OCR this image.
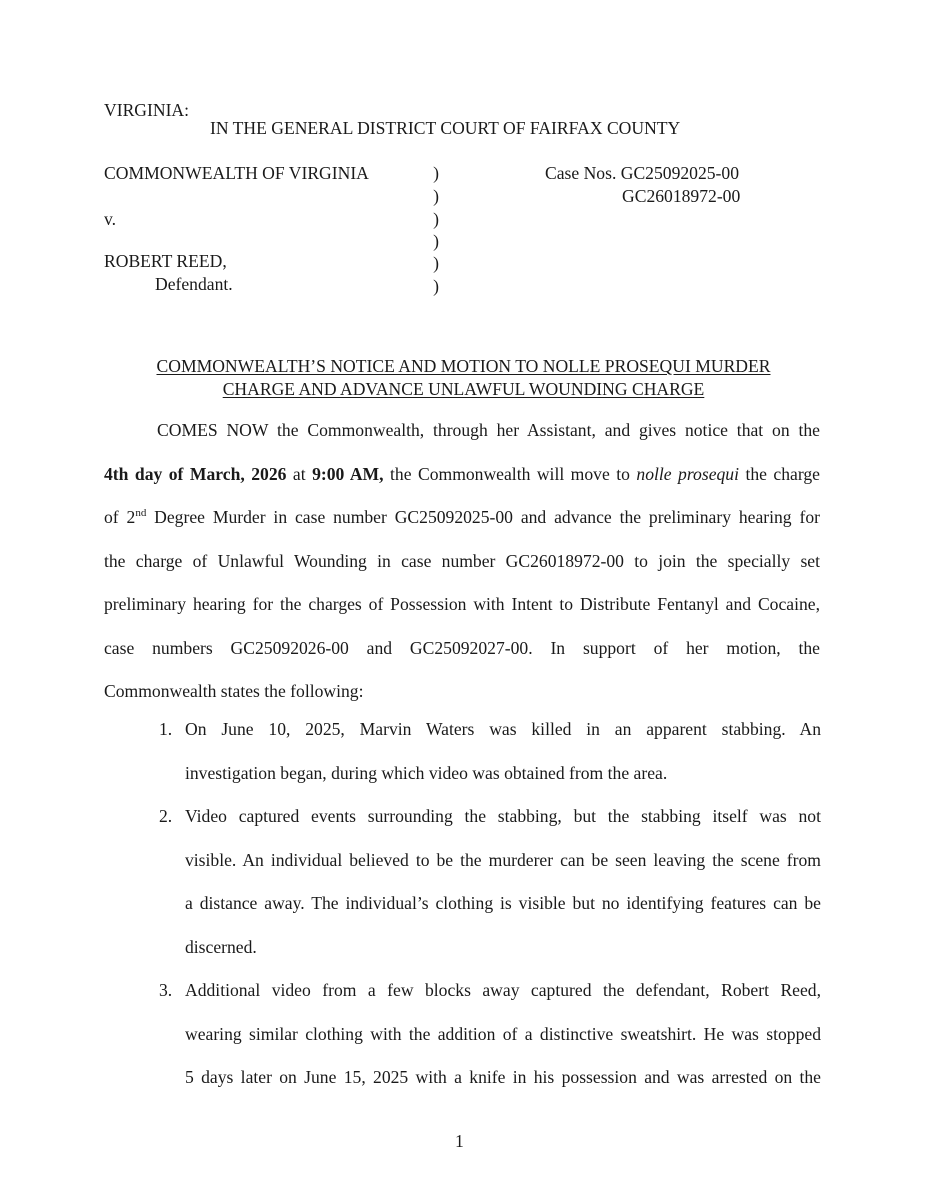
VIRGINIA:
IN THE GENERAL DISTRICT COURT OF FAIRFAX COUNTY
COMMONWEALTH OF VIRGINIA
v.
ROBERT REED,
Defendant.
)
)
)
)
)
)
Case Nos. GC25092025-00
GC26018972-00
COMMONWEALTH’S NOTICE AND MOTION TO NOLLE PROSEQUI MURDER
CHARGE AND ADVANCE UNLAWFUL WOUNDING CHARGE
COMES NOW the Commonwealth, through her Assistant, and gives notice that on the
4th day of March, 2026 at 9:00 AM, the Commonwealth will move to nolle prosequi the charge
of 2nd Degree Murder in case number GC25092025-00 and advance the preliminary hearing for
the charge of Unlawful Wounding in case number GC26018972-00 to join the specially set
preliminary hearing for the charges of Possession with Intent to Distribute Fentanyl and Cocaine,
case numbers GC25092026-00 and GC25092027-00. In support of her motion, the
Commonwealth states the following:
1. On June 10, 2025, Marvin Waters was killed in an apparent stabbing. An
investigation began, during which video was obtained from the area.
2. Video captured events surrounding the stabbing, but the stabbing itself was not
visible. An individual believed to be the murderer can be seen leaving the scene from
a distance away. The individual’s clothing is visible but no identifying features can be
discerned.
3. Additional video from a few blocks away captured the defendant, Robert Reed,
wearing similar clothing with the addition of a distinctive sweatshirt. He was stopped
5 days later on June 15, 2025 with a knife in his possession and was arrested on the
1
